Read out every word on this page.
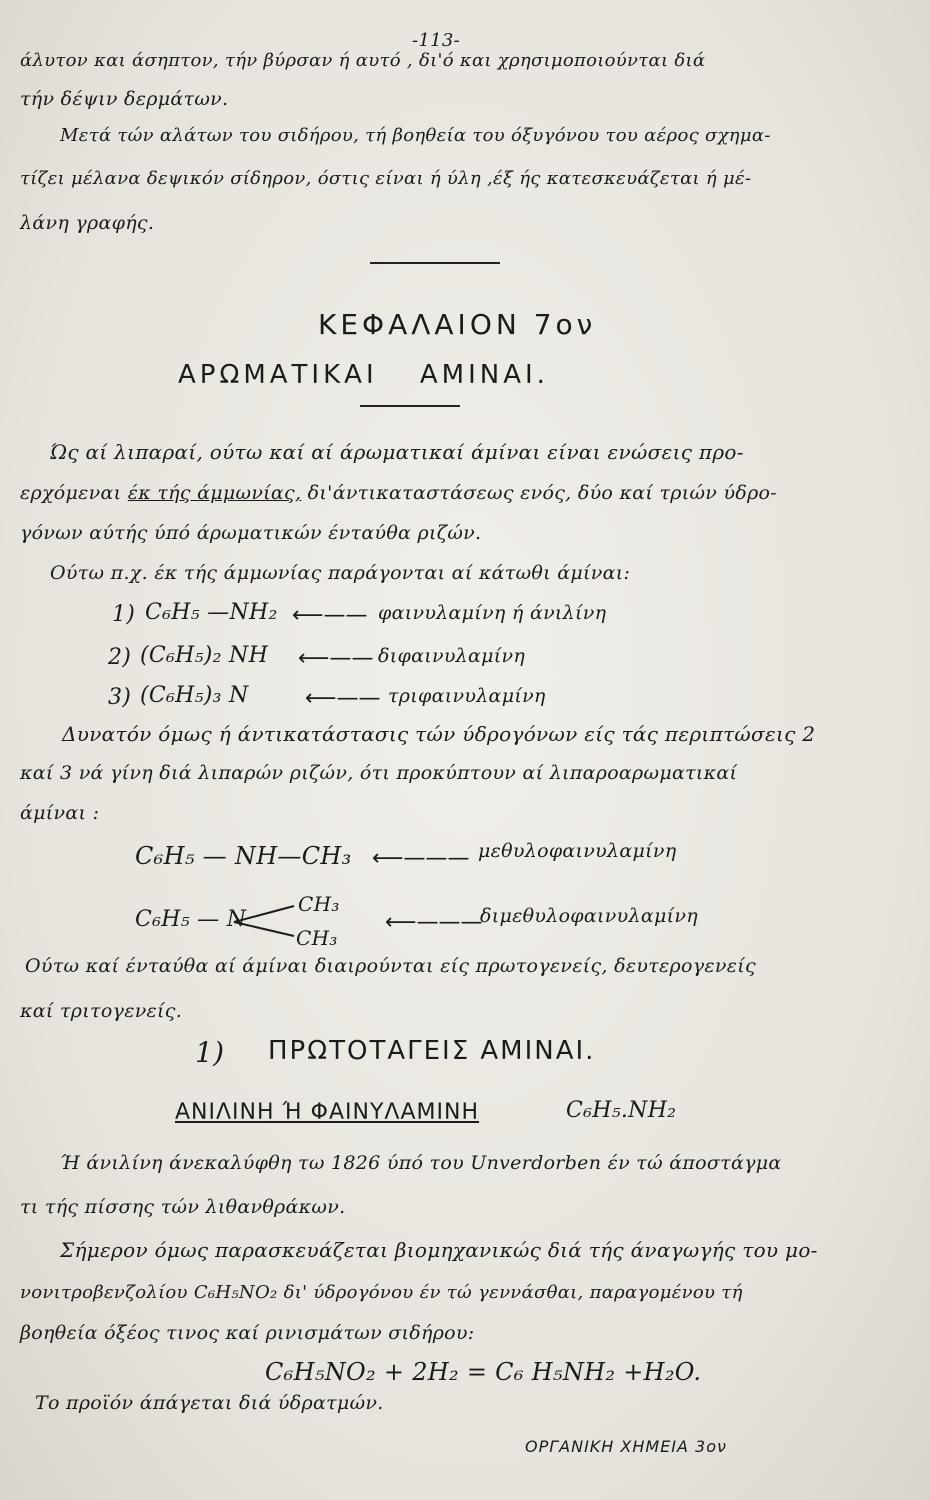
-113-
άλυτον και άσηπτον, τήν βύρσαν ή αυτό , δι'ό και χρησιμοποιούνται διά
τήν δέψιν δερμάτων.
Μετά τών αλάτων του σιδήρου, τή βοηθεία του όξυγόνου του αέρος σχημα-
τίζει μέλανα δεψικόν σίδηρον, όστις είναι ή ύλη ,έξ ής κατεσκευάζεται ή μέ-
λάνη γραφής.
ΚΕΦΑΛΑΙΟΝ 7ον
ΑΡΩΜΑΤΙΚΑΙ ΑΜΙΝΑΙ.
Ώς αί λιπαραί, ούτω καί αί άρωματικαί άμίναι είναι ενώσεις προ-
ερχόμεναι έκ τής άμμωνίας, δι'άντικαταστάσεως ενός, δύο καί τριών ύδρο-
γόνων αύτής ύπό άρωματικών ένταύθα ριζών.
Ούτω π.χ. έκ τής άμμωνίας παράγονται αί κάτωθι άμίναι:
1) C₆H₅ —NH₂ ⟵—— φαινυλαμίνη ή άνιλίνη
2) (C₆H₅)₂ NH ⟵—— διφαινυλαμίνη
3) (C₆H₅)₃ N	⟵—— τριφαινυλαμίνη
Δυνατόν όμως ή άντικατάστασις τών ύδρογόνων είς τάς περιπτώσεις 2
καί 3 νά γίνη διά λιπαρών ριζών, ότι προκύπτουν αί λιπαροαρωματικαί
άμίναι :
C₆H₅ — NH—CH₃ ⟵——— μεθυλοφαινυλαμίνη
C₆H₅ — N
CH₃
CH₃
⟵———
διμεθυλοφαινυλαμίνη
Ούτω καί ένταύθα αί άμίναι διαιρούνται είς πρωτογενείς, δευτερογενείς
καί τριτογενείς.
1) ΠΡΩΤΟΤΑΓΕΙΣ ΑΜΙΝΑΙ.
ΑΝΙΛΙΝΗ Ή ΦΑΙΝΥΛΑΜΙΝΗ	C₆H₅.NH₂
Ή άνιλίνη άνεκαλύφθη τω 1826 ύπό του Unverdorben έν τώ άποστάγμα
τι τής πίσσης τών λιθανθράκων.
Σήμερον όμως παρασκευάζεται βιομηχανικώς διά τής άναγωγής του μο-
νονιτροβενζολίου C₆H₅NO₂ δι' ύδρογόνου έν τώ γεννάσθαι, παραγομένου τή
βοηθεία όξέος τινος καί ρινισμάτων σιδήρου:
C₆H₅NO₂ + 2H₂ = C₆ H₅NH₂ +H₂O.
Το προϊόν άπάγεται διά ύδρατμών.
ΟΡΓΑΝΙΚΗ ΧΗΜΕΙΑ 3ον
